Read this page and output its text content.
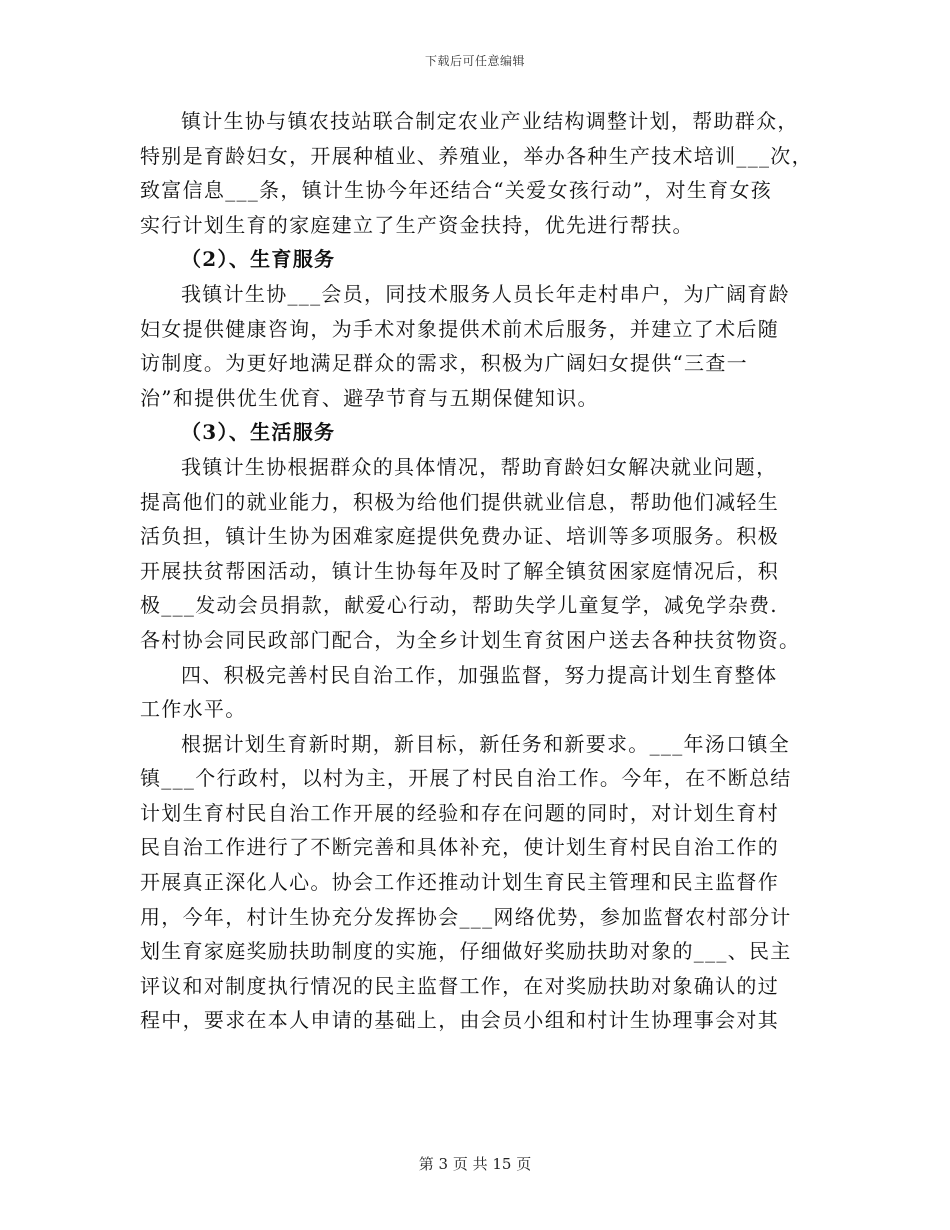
下载后可任意编辑
镇计生协与镇农技站联合制定农业产业结构调整计划，帮助群众，
特别是育龄妇女，开展种植业、养殖业，举办各种生产技术培训___次，
致富信息___条，镇计生协今年还结合“关爱女孩行动”，对生育女孩
实行计划生育的家庭建立了生产资金扶持，优先进行帮扶。
（2）、生育服务
我镇计生协___会员，同技术服务人员长年走村串户，为广阔育龄
妇女提供健康咨询，为手术对象提供术前术后服务，并建立了术后随
访制度。为更好地满足群众的需求，积极为广阔妇女提供“三查一
治”和提供优生优育、避孕节育与五期保健知识。
（3）、生活服务
我镇计生协根据群众的具体情况，帮助育龄妇女解决就业问题，
提高他们的就业能力，积极为给他们提供就业信息，帮助他们减轻生
活负担，镇计生协为困难家庭提供免费办证、培训等多项服务。积极
开展扶贫帮困活动，镇计生协每年及时了解全镇贫困家庭情况后，积
极___发动会员捐款，献爱心行动，帮助失学儿童复学，减免学杂费.
各村协会同民政部门配合，为全乡计划生育贫困户送去各种扶贫物资。
四、积极完善村民自治工作，加强监督，努力提高计划生育整体
工作水平。
根据计划生育新时期，新目标，新任务和新要求。___年汤口镇全
镇___个行政村，以村为主，开展了村民自治工作。今年，在不断总结
计划生育村民自治工作开展的经验和存在问题的同时，对计划生育村
民自治工作进行了不断完善和具体补充，使计划生育村民自治工作的
开展真正深化人心。协会工作还推动计划生育民主管理和民主监督作
用，今年，村计生协充分发挥协会___网络优势，参加监督农村部分计
划生育家庭奖励扶助制度的实施，仔细做好奖励扶助对象的___、民主
评议和对制度执行情况的民主监督工作，在对奖励扶助对象确认的过
程中，要求在本人申请的基础上，由会员小组和村计生协理事会对其
第 3 页 共 15 页
